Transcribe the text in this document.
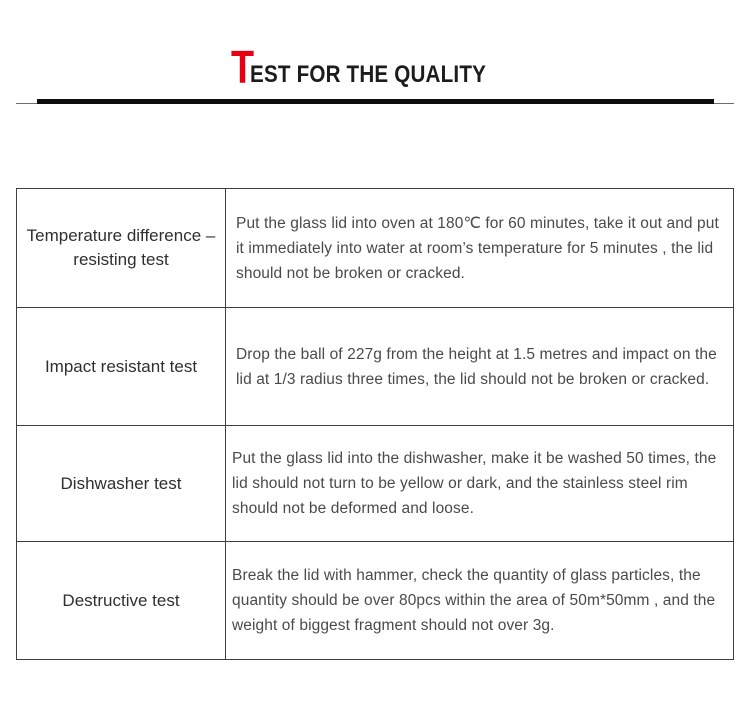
TEST FOR THE QUALITY
Temperature difference –resisting test	Put the glass lid into oven at 180℃ for 60 minutes, take it out and put it immediately into water at room’s temperature for 5 minutes , the lid should not be broken or cracked.

Impact resistant test	Drop the ball of 227g from the height at 1.5 metres and impact on the lid at 1/3 radius three times, the lid should not be broken or cracked.

Dishwasher test	Put the glass lid into the dishwasher, make it be washed 50 times, the lid should not turn to be yellow or dark, and the stainless steel rim should not be deformed and loose.

Destructive test	Break the lid with hammer, check the quantity of glass particles, the quantity should be over 80pcs within the area of 50m*50mm , and the weight of biggest fragment should not over 3g.
